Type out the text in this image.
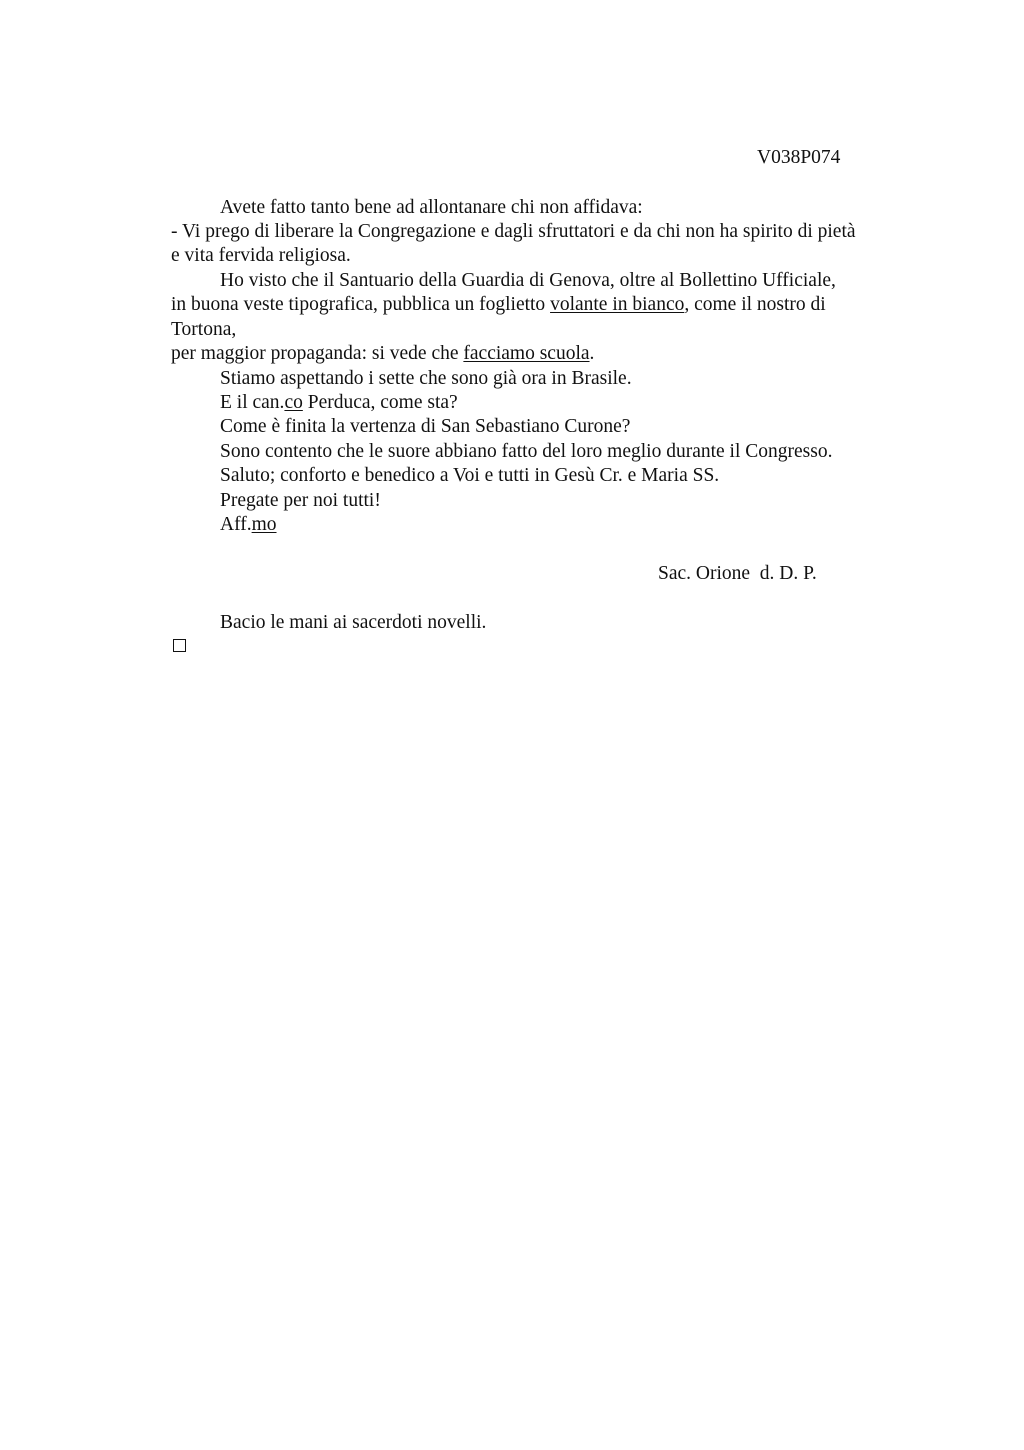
V038P074
Avete fatto tanto bene ad allontanare chi non affidava:
- Vi prego di liberare la Congregazione e dagli sfruttatori e da chi non ha spirito di pietà
e vita fervida religiosa.
Ho visto che il Santuario della Guardia di Genova, oltre al Bollettino Ufficiale,
in buona veste tipografica, pubblica un foglietto volante in bianco, come il nostro di
Tortona,
per maggior propaganda: si vede che facciamo scuola.
Stiamo aspettando i sette che sono già ora in Brasile.
E il can.co Perduca, come sta?
Come è finita la vertenza di San Sebastiano Curone?
Sono contento che le suore abbiano fatto del loro meglio durante il Congresso.
Saluto; conforto e benedico a Voi e tutti in Gesù Cr. e Maria SS.
Pregate per noi tutti!
Aff.mo
Sac. Orione  d. D. P.
Bacio le mani ai sacerdoti novelli.
